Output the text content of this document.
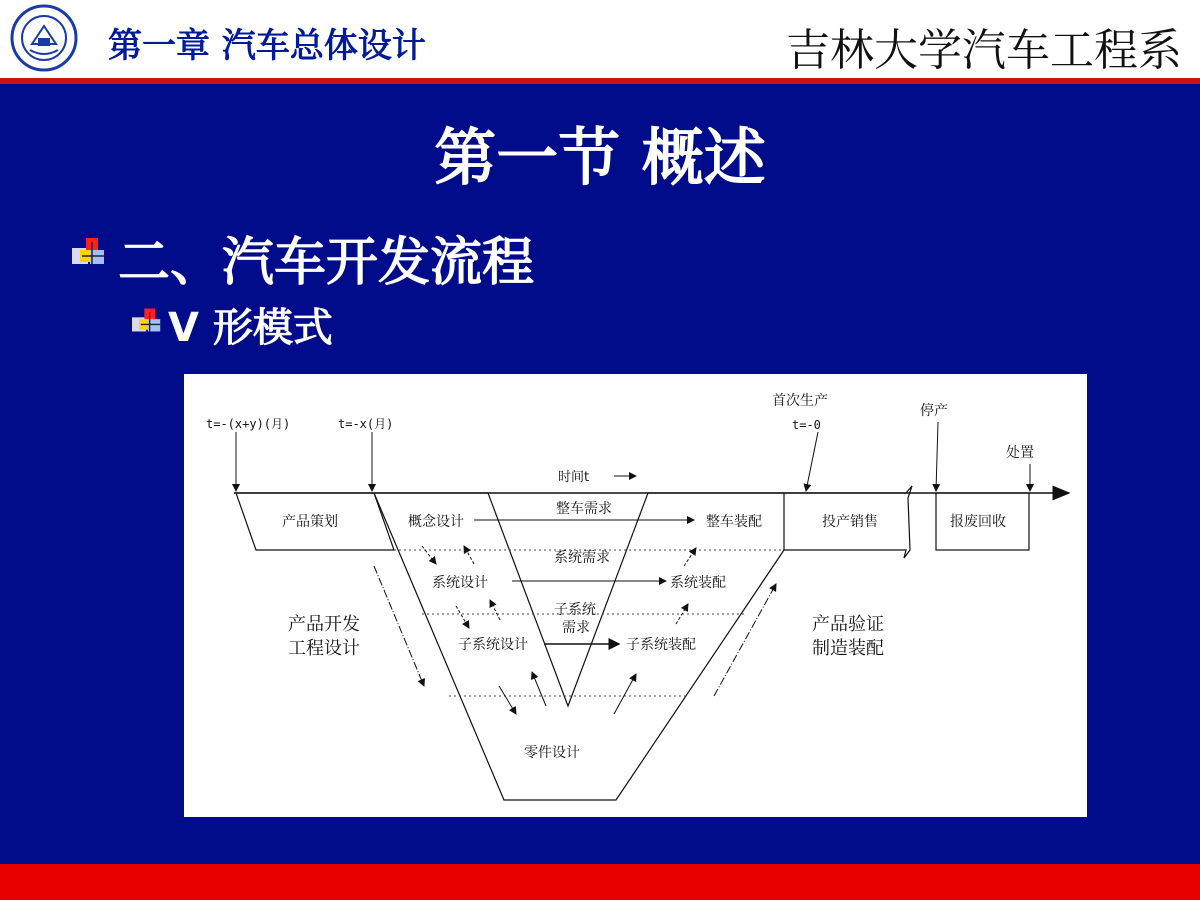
第一章 汽车总体设计	吉林大学汽车工程系
第一节 概述
二、汽车开发流程
V 形模式
t=-(x+y)(月)	t=-x(月)
首次生产
t=-0
停产
处置
时间t
产品策划	投产销售	报废回收
概念设计
系统设计
子系统设计
整车装配
系统装配
子系统装配
整车需求
系统需求
子系统
需求
零件设计
产品开发
工程设计
产品验证
制造装配
